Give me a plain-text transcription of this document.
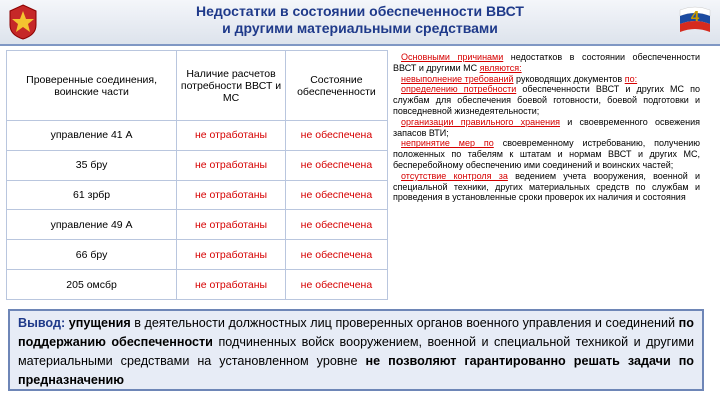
Недостатки в состоянии обеспеченности ВВСТ
и другими материальными средствами
4
Проверенные соединения, воинские части	Наличие расчетов потребности ВВСТ и МС	Состояние обеспеченности
управление 41 А	не отработаны	не обеспечена
35 бру	не отработаны	не обеспечена
61 зрбр	не отработаны	не обеспечена
управление 49 А	не отработаны	не обеспечена
66 бру	не отработаны	не обеспечена
205 омсбр	не отработаны	не обеспечена

Основными причинами недостатков в состоянии обеспеченности ВВСТ и другими МС являются:

невыполнение требований руководящих документов по:

определению потребности обеспеченности ВВСТ и других МС по службам для обеспечения боевой готовности, боевой подготовки и повседневной жизнедеятельности;

организации правильного хранения и своевременного освежения запасов ВТИ;

непринятие мер по своевременному истребованию, получению положенных по табелям к штатам и нормам ВВСТ и других МС, бесперебойному обеспечению ими соединений и воинских частей;

отсутствие контроля за ведением учета вооружения, военной и специальной техники, других материальных средств по службам и проведения в установленные сроки проверок их наличия и состояния

Вывод: упущения в деятельности должностных лиц проверенных органов военного управления и соединений по поддержанию обеспеченности подчиненных войск вооружением, военной и специальной техникой и другими материальными средствами на установленном уровне не позволяют гарантированно решать задачи по предназначению
